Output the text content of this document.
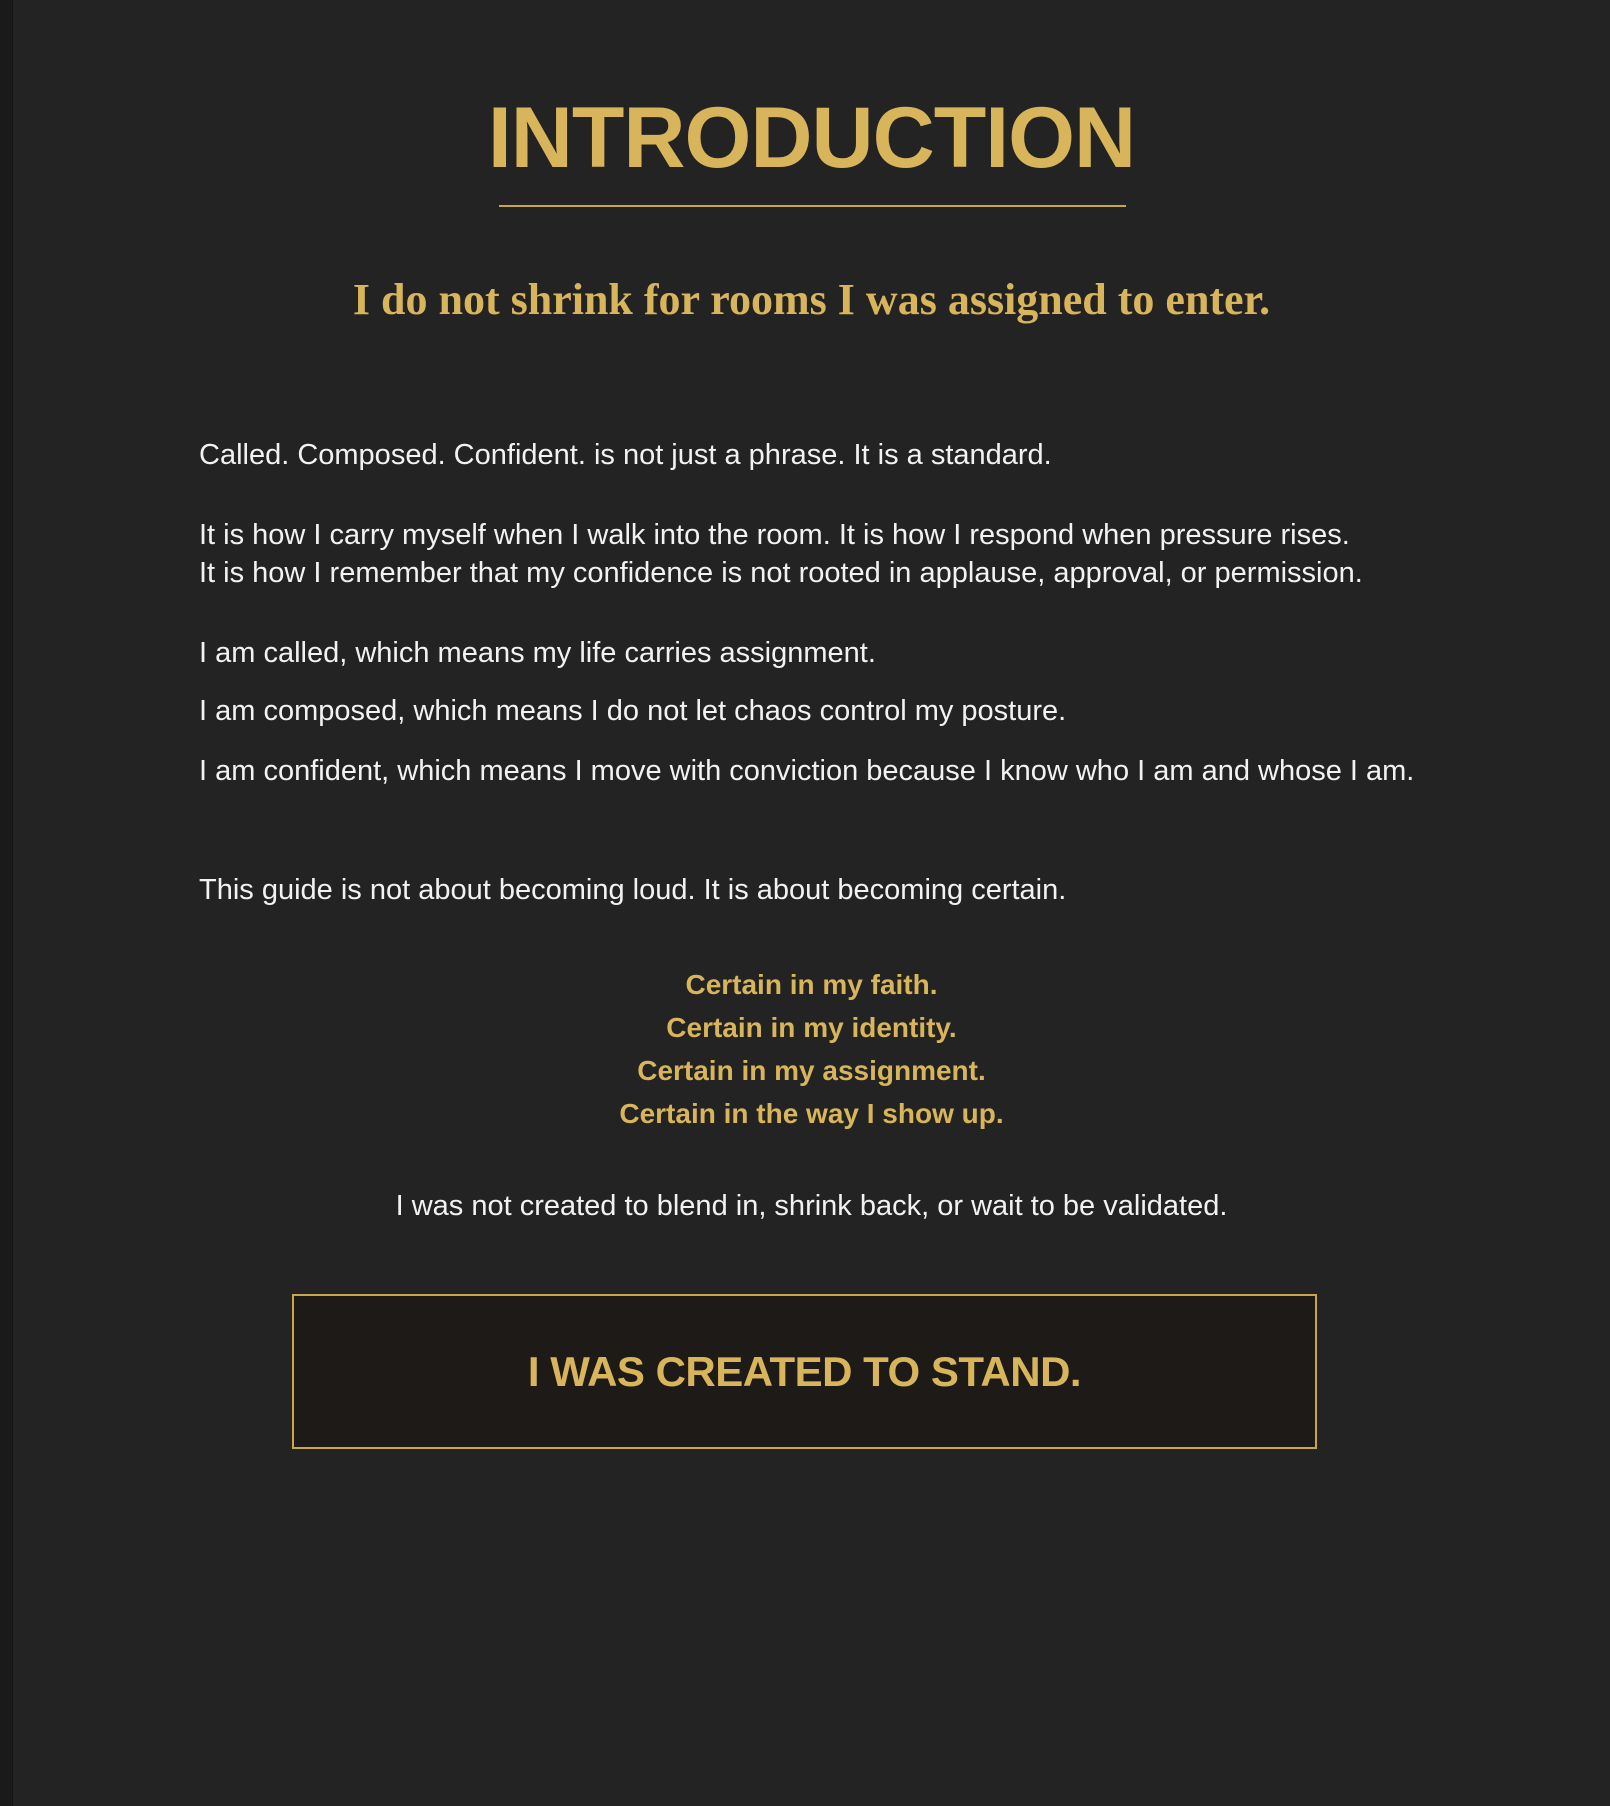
INTRODUCTION
I do not shrink for rooms I was assigned to enter.
Called. Composed. Confident. is not just a phrase. It is a standard.
It is how I carry myself when I walk into the room. It is how I respond when pressure rises.
It is how I remember that my confidence is not rooted in applause, approval, or permission.
I am called, which means my life carries assignment.
I am composed, which means I do not let chaos control my posture.
I am confident, which means I move with conviction because I know who I am and whose I am.
This guide is not about becoming loud. It is about becoming certain.
Certain in my faith.
Certain in my identity.
Certain in my assignment.
Certain in the way I show up.
I was not created to blend in, shrink back, or wait to be validated.
I WAS CREATED TO STAND.
